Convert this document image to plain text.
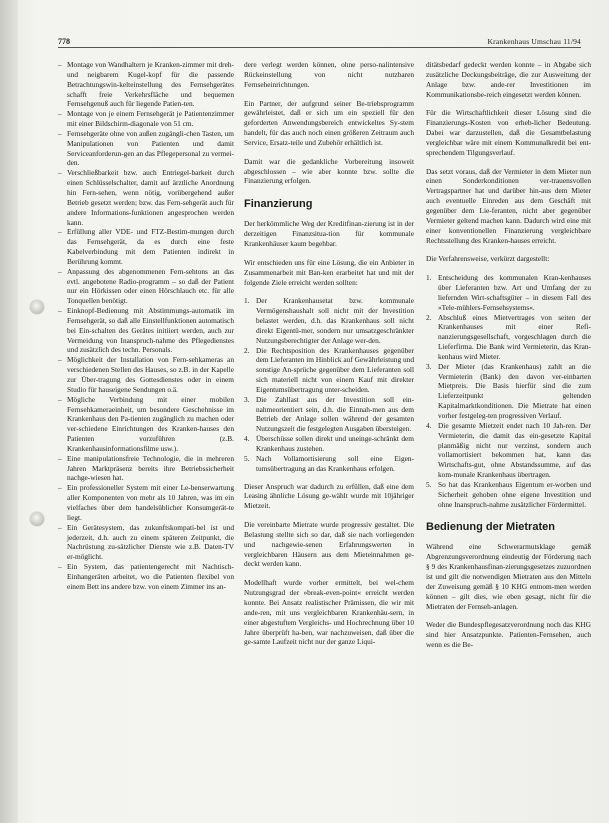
778	Krankenhaus Umschau 11/94
– Montage von Wandhaltern je Kranken-zimmer mit dreh- und neigbarem Kugel-kopf für die passende Betrachtungswin-kelteinstellung des Fernsehgerätes schafft freie Verkehrsfläche und bequemen Fernsehgenuß auch für liegende Patien-ten.
– Montage von je einem Fernsehgerät je Patientenzimmer mit einer Bildschirm-diagonale von 51 cm.
– Fernsehgeräte ohne von außen zugängli-chen Tasten, um Manipulationen von Patienten und damit Serviceanforderun-gen an das Pflegepersonal zu vermei-den.
– Verschließbarkeit bzw. auch Entriegel-barkeit durch einen Schlüsselschalter, damit auf ärztliche Anordnung hin Fern-sehen, wenn nötig, vorübergehend außer Betrieb gesetzt werden; bzw. das Fern-sehgerät auch für andere Informations-funktionen angesprochen werden kann.
– Erfüllung aller VDE- und FTZ-Bestim-mungen durch das Fernsehgerät, da es durch eine feste Kabelverbindung mit dem Patienten indirekt in Berührung kommt.
– Anpassung des abgenommenen Fern-sehtons an das evtl. angebotene Radio-programm – so daß der Patient nur ein Hörkissen oder einen Hörschlauch etc. für alle Tonquellen benötigt.
– Einknopf-Bedienung mit Abstimmungs-automatik im Fernsehgerät, so daß alle Einstellfunktionen automatisch bei Ein-schalten des Gerätes initiiert werden, auch zur Vermeidung von Inanspruch-nahme des Pflegedienstes und zusätzlich des techn. Personals.
– Möglichkeit der Installation von Fern-sehkameras an verschiedenen Stellen des Hauses, so z.B. in der Kapelle zur Über-tragung des Gottesdienstes oder in einem Studio für hauseigene Sendungen o.ä.
– Mögliche Verbindung mit einer mobilen Fernsehkameraeinheit, um besondere Geschehnisse im Krankenhaus den Pa-tienten zugänglich zu machen oder ver-schiedene Einrichtungen des Kranken-hauses den Patienten vorzuführen (z.B. Krankenhausinformationsfilme usw.).
– Eine manipulationsfreie Technologie, die in mehreren Jahren Marktpräsenz bereits ihre Betriebssicherheit nachge-wiesen hat.
– Ein professioneller System mit einer Le-benserwartung aller Komponenten von mehr als 10 Jahren, was im ein vielfaches über dem handelsüblicher Konsumgerät-te liegt.
– Ein Gerätesystem, das zukunftskompati-bel ist und jederzeit, d.h. auch zu einem späteren Zeitpunkt, die Nachrüstung zu-sätzlicher Dienste wie z.B. Daten-TV er-möglicht.
– Ein System, das patientengerecht mit Nachtisch-Einhangeräten arbeitet, wo die Patienten flexibel von einem Bett ins andere bzw. von einem Zimmer ins an-

dere verlegt werden können, ohne perso-nalintensive Rückeinstellung von nicht nutzbaren Fernseheinrichtungen.

Ein Partner, der aufgrund seiner Be-triebsprogramm gewährleistet, daß er sich um ein speziell für den geforderten Anwendungsbereich entwickeltes Sy-stem handelt, für das auch noch einen größeren Zeitraum auch Service, Ersatz-teile und Zubehör erhältlich ist.

Damit war die gedankliche Vorbereitung insoweit abgeschlossen – wie aber konnte bzw. sollte die Finanzierung erfolgen.

Finanzierung

Der herkömmliche Weg der Kreditfinan-zierung ist in der derzeitigen Finanzsitua-tion für kommunale Krankenhäuser kaum begehbar.

Wir entschieden uns für eine Lösung, die ein Anbieter in Zusammenarbeit mit Ban-ken erarbeitet hat und mit der folgende Ziele erreicht werden sollten:

1. Der Krankenhausetat bzw. kommunale Vermögenshaushalt soll nicht mit der Investition belastet werden, d.h. das Krankenhaus soll nicht direkt Eigentü-mer, sondern nur umsatzgeschränkter Nutzungsberechtigter der Anlage wer-den.
2. Die Rechtsposition des Krankenhauses gegenüber dem Lieferanten im Hinblick auf Gewährleistung und sonstige An-sprüche gegenüber dem Lieferanten soll sich materiell nicht von einem Kauf mit direkter Eigentumsübertragung unter-scheiden.
3. Die Zahllast aus der Investition soll ein-nahmeorientiert sein, d.h. die Einnah-men aus dem Betrieb der Anlage sollen während der gesamten Nutzungszeit die festgelegten Ausgaben übersteigen.
4. Überschüsse sollen direkt und uneinge-schränkt dem Krankenhaus zustehen.
5. Nach Vollamortisierung soll eine Eigen-tumsübertragung an das Krankenhaus erfolgen.

Dieser Anspruch war dadurch zu erfüllen, daß eine dem Leasing ähnliche Lösung ge-wählt wurde mit 10jähriger Mietzeit.

Die vereinbarte Mietrate wurde progressiv gestaltet. Die Belastung stellte sich so dar, daß sie nach vorliegenden und nachgewie-senen Erfahrungswerten in vergleichbaren Häusern aus dem Mieteinnahmen ge-deckt werden kann.

Modellhaft wurde vorher ermittelt, bei wel-chem Nutzungsgrad der »break-even-point« erreicht werden konnte. Bei Ansatz realistischer Prämissen, die wir mit ande-ren, mit uns vergleichbaren Krankenhäu-sern, in einer abgestuftem Vergleichs- und Hochrechnung über 10 Jahre überprüft ha-ben, war nachzuweisen, daß über die ge-samte Laufzeit nicht nur der ganze Liqui-

ditätsbedarf gedeckt werden konnte – in Abgabe sich zusätzliche Deckungsbeiträge, die zur Ausweitung der Anlage bzw. ande-rer Investitionen im Kommunikationsbe-reich eingesetzt werden können.

Für die Wirtschaftlichkeit dieser Lösung sind die Finanzierungs-Kosten von erheb-licher Bedeutung. Dabei war darzustellen, daß die Gesamtbelastung vergleichbar wäre mit einem Kommunalkredit bei ent-sprechendem Tilgungsverlauf.

Das setzt voraus, daß der Vermieter in dem Mieter nun einen Sonderkonditionen ver-trauensvollen Vertragspartner hat und darüber hin-aus dem Mieter auch eventuelle Einreden aus dem Geschäft mit gegenüber dem Lie-feranten, nicht aber gegenüber Vermieter geltend machen kann. Dadurch wird eine mit einer konventionellen Finanzierung vergleichbare Rechtsstellung des Kranken-hauses erreicht.

Die Verfahrensweise, verkürzt dargestellt:

1. Entscheidung des kommunalen Kran-kenhauses über Lieferanten bzw. Art und Umfang der zu liefernden Wirt-schaftsgüter – in diesem Fall des »Tele-mühlers-Fernsehsystems«.
2. Abschluß eines Mietvertrages von seiten der Krankenhauses mit einer Refi-nanzierungsgesellschaft, vorgeschlagen durch die Lieferfirma. Die Bank wird Vermieterin, das Kran-kenhaus wird Mieter.
3. Der Mieter (das Krankenhaus) zahlt an die Vermieterin (Bank) den davon ver-einbarten Mietpreis. Die Basis hierfür sind die zum Lieferzeitpunkt geltenden Kapitalmarktkonditionen. Die Mietrate hat einen vorher festgeleg-ten progressiven Verlauf.
4. Die gesamte Mietzeit endet nach 10 Jah-ren. Der Vermieterin, die damit das ein-gesetzte Kapital planmäßig nicht nur verzinst, sondern auch vollamortisiert bekommen hat, kann das Wirtschafts-gut, ohne Abstandssumme, auf das kom-munale Krankenhaus übertragen.
5. So hat das Krankenhaus Eigentum er-worben und Sicherheit gehoben ohne eigene Investition und ohne Inanspruch-nahme zusätzlicher Fördermittel.
Bedienung der Mietraten

Während eine Schwerarmutsklage gemäß Abgrenzungsverordnung eindeutig der Förderung nach § 9 des Krankenhausfinan-zierungsgesetzes zuzuordnen ist und gilt die notwendigen Mietraten aus den Mitteln der Zuweisung gemäß § 10 KHG entnom-men werden können – gilt dies, wie eben gesagt, nicht für die Mietraten der Fernseh-anlagen.

Weder die Bundespflegesatzverordnung noch das KHG sind hier Ansatzpunkte. Patienten-Fernsehen, auch wenn es die Be-
